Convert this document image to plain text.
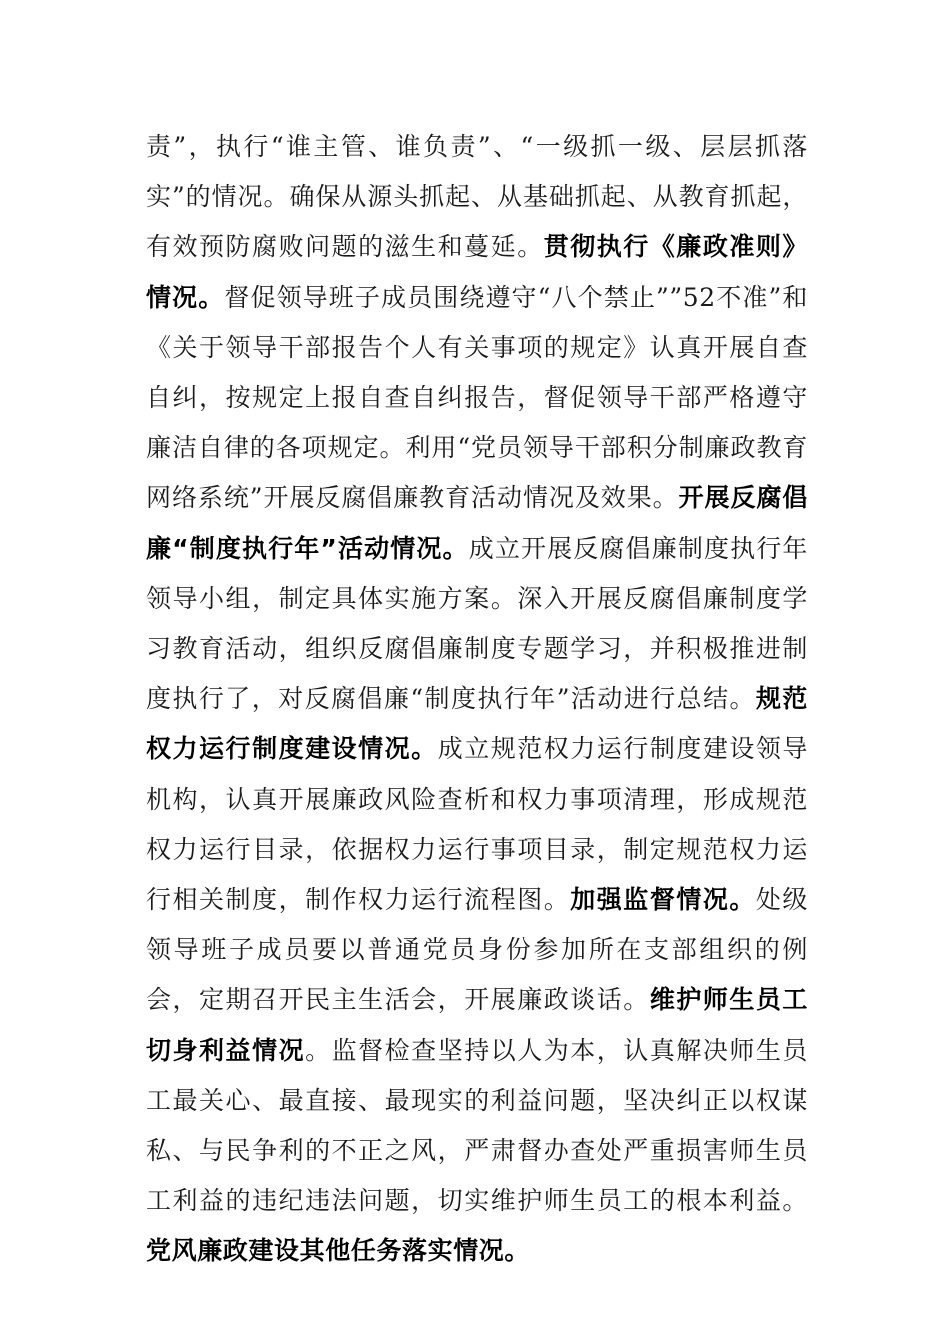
责”，执行“谁主管、谁负责”、“一级抓一级、层层抓落实”的情况。确保从源头抓起、从基础抓起、从教育抓起，有效预防腐败问题的滋生和蔓延。贯彻执行《廉政准则》情况。督促领导班子成员围绕遵守“八个禁止””52不准”和《关于领导干部报告个人有关事项的规定》认真开展自查自纠，按规定上报自查自纠报告，督促领导干部严格遵守廉洁自律的各项规定。利用“党员领导干部积分制廉政教育网络系统”开展反腐倡廉教育活动情况及效果。开展反腐倡廉“制度执行年”活动情况。成立开展反腐倡廉制度执行年领导小组，制定具体实施方案。深入开展反腐倡廉制度学习教育活动，组织反腐倡廉制度专题学习，并积极推进制度执行了，对反腐倡廉“制度执行年”活动进行总结。规范权力运行制度建设情况。成立规范权力运行制度建设领导机构，认真开展廉政风险查析和权力事项清理，形成规范权力运行目录，依据权力运行事项目录，制定规范权力运行相关制度，制作权力运行流程图。加强监督情况。处级领导班子成员要以普通党员身份参加所在支部组织的例会，定期召开民主生活会，开展廉政谈话。维护师生员工切身利益情况。监督检查坚持以人为本，认真解决师生员工最关心、最直接、最现实的利益问题，坚决纠正以权谋私、与民争利的不正之风，严肃督办查处严重损害师生员工利益的违纪违法问题，切实维护师生员工的根本利益。党风廉政建设其他任务落实情况。
